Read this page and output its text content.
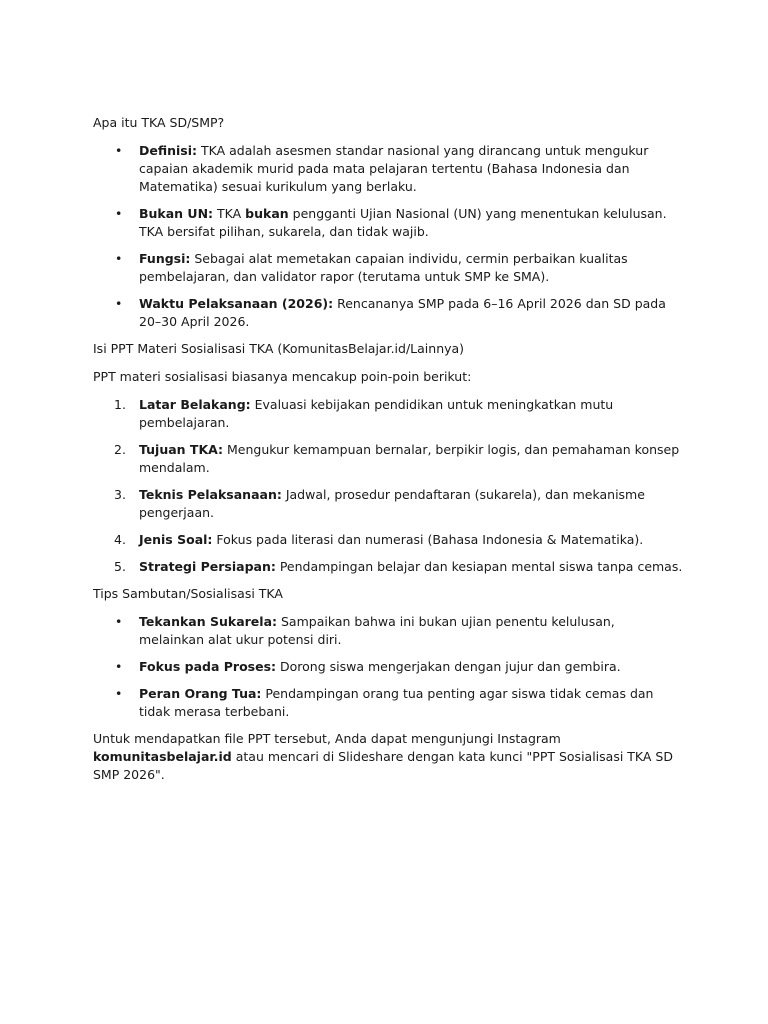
Apa itu TKA SD/SMP?

• Definisi: TKA adalah asesmen standar nasional yang dirancang untuk mengukur capaian akademik murid pada mata pelajaran tertentu (Bahasa Indonesia dan Matematika) sesuai kurikulum yang berlaku.
• Bukan UN: TKA bukan pengganti Ujian Nasional (UN) yang menentukan kelulusan. TKA bersifat pilihan, sukarela, dan tidak wajib.
• Fungsi: Sebagai alat memetakan capaian individu, cermin perbaikan kualitas pembelajaran, dan validator rapor (terutama untuk SMP ke SMA).
• Waktu Pelaksanaan (2026): Rencananya SMP pada 6–16 April 2026 dan SD pada 20–30 April 2026.

Isi PPT Materi Sosialisasi TKA (KomunitasBelajar.id/Lainnya)

PPT materi sosialisasi biasanya mencakup poin-poin berikut:

1. Latar Belakang: Evaluasi kebijakan pendidikan untuk meningkatkan mutu pembelajaran.
2. Tujuan TKA: Mengukur kemampuan bernalar, berpikir logis, dan pemahaman konsep mendalam.
3. Teknis Pelaksanaan: Jadwal, prosedur pendaftaran (sukarela), dan mekanisme pengerjaan.
4. Jenis Soal: Fokus pada literasi dan numerasi (Bahasa Indonesia & Matematika).
5. Strategi Persiapan: Pendampingan belajar dan kesiapan mental siswa tanpa cemas.

Tips Sambutan/Sosialisasi TKA

• Tekankan Sukarela: Sampaikan bahwa ini bukan ujian penentu kelulusan, melainkan alat ukur potensi diri.
• Fokus pada Proses: Dorong siswa mengerjakan dengan jujur dan gembira.
• Peran Orang Tua: Pendampingan orang tua penting agar siswa tidak cemas dan tidak merasa terbebani.

Untuk mendapatkan file PPT tersebut, Anda dapat mengunjungi Instagram komunitasbelajar.id atau mencari di Slideshare dengan kata kunci "PPT Sosialisasi TKA SD SMP 2026".
